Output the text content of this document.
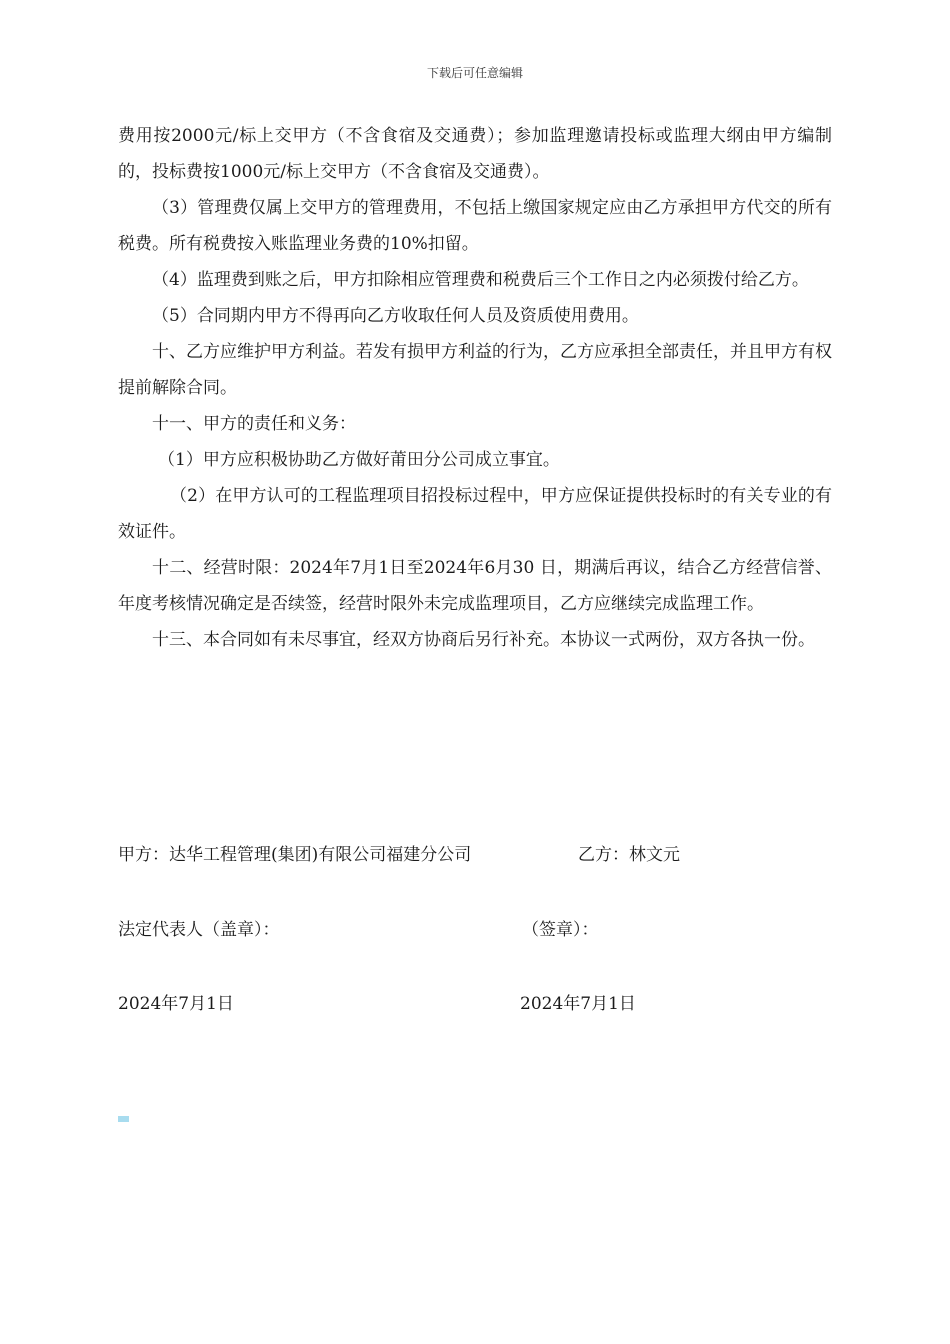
下载后可任意编辑

费用按2000元/标上交甲方（不含食宿及交通费）；参加监理邀请投标或监理大纲由甲方编制的，投标费按1000元/标上交甲方（不含食宿及交通费）。

（3）管理费仅属上交甲方的管理费用，不包括上缴国家规定应由乙方承担甲方代交的所有税费。所有税费按入账监理业务费的10%扣留。

（4）监理费到账之后，甲方扣除相应管理费和税费后三个工作日之内必须拨付给乙方。

（5）合同期内甲方不得再向乙方收取任何人员及资质使用费用。

十、乙方应维护甲方利益。若发有损甲方利益的行为，乙方应承担全部责任，并且甲方有权提前解除合同。

十一、甲方的责任和义务：

（1）甲方应积极协助乙方做好莆田分公司成立事宜。

（2）在甲方认可的工程监理项目招投标过程中，甲方应保证提供投标时的有关专业的有效证件。

十二、经营时限：2024年7月1日至2024年6月30 日，期满后再议，结合乙方经营信誉、年度考核情况确定是否续签，经营时限外未完成监理项目，乙方应继续完成监理工作。

十三、本合同如有未尽事宜，经双方协商后另行补充。本协议一式两份，双方各执一份。

甲方：达华工程管理(集团)有限公司福建分公司	乙方：林文元
法定代表人（盖章）：	（签章）：
2024年7月1日	2024年7月1日
